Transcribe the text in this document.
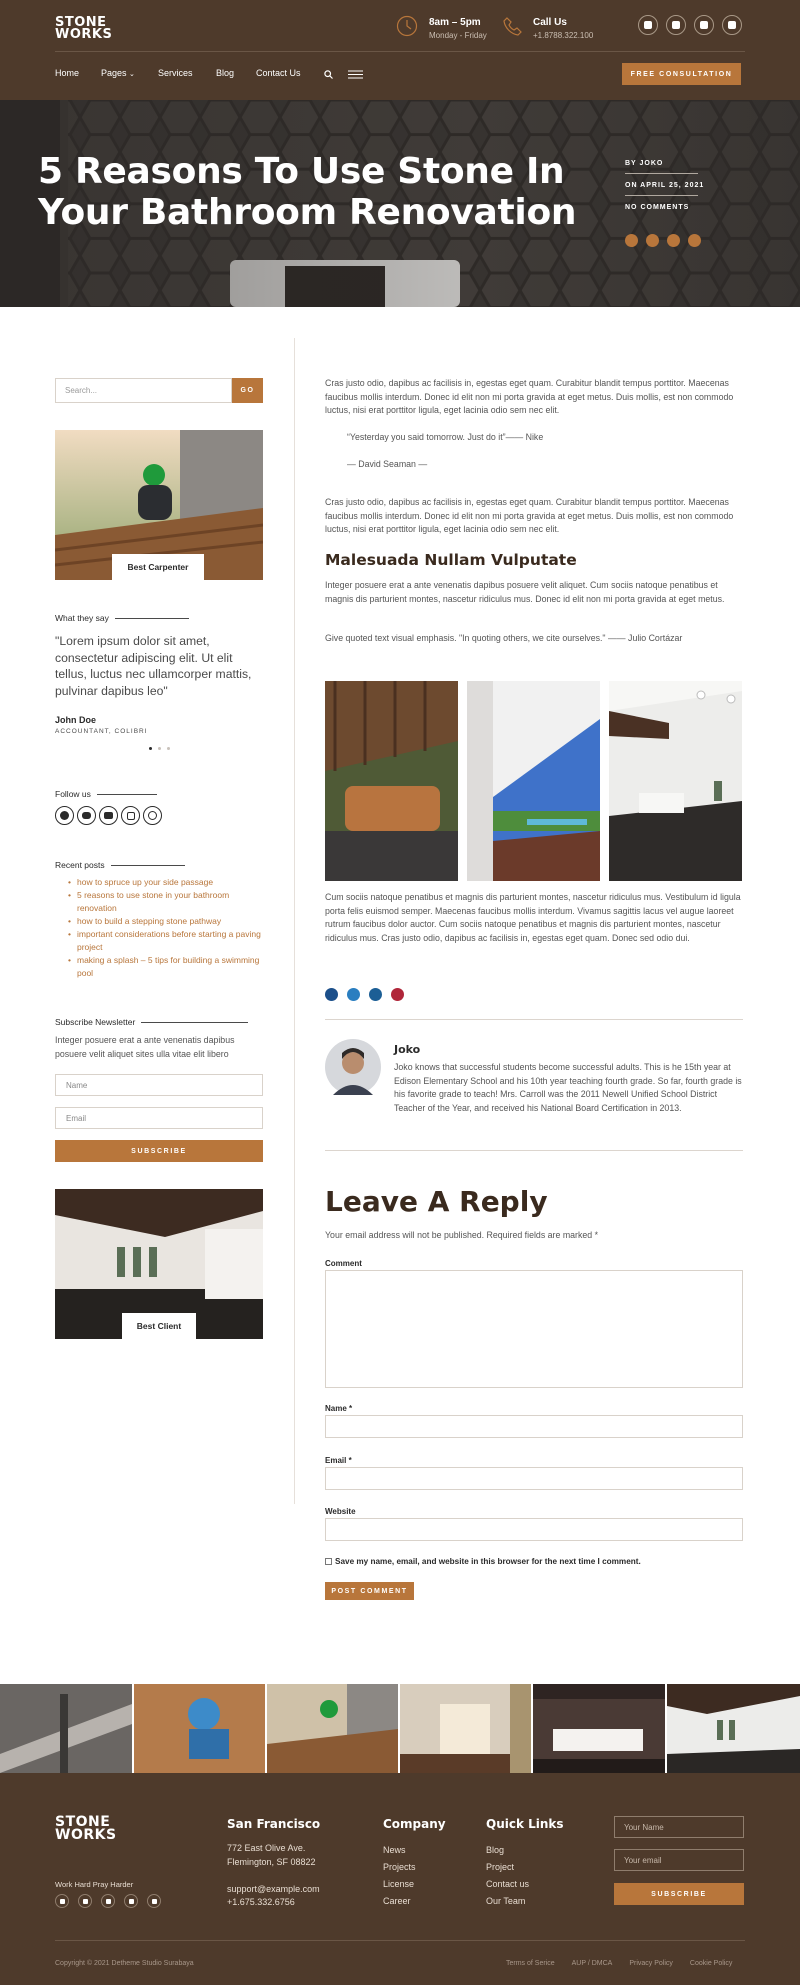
STONE
WORKS
8am – 5pm
Monday - Friday
Call Us
+1.8788.322.100
Home Pages ⌄	Services	Blog Contact Us	FREE CONSULTATION
5 Reasons To Use Stone In Your Bathroom Renovation
BY JOKO
ON APRIL 25, 2021
NO COMMENTS
Search...	GO
Best Carpenter
What they say
"Lorem ipsum dolor sit amet, consectetur adipiscing elit. Ut elit tellus, luctus nec ullamcorper mattis, pulvinar dapibus leo"
John Doe
ACCOUNTANT, COLIBRI
Follow us
Recent posts
• how to spruce up your side passage
• 5 reasons to use stone in your bathroom renovation
• how to build a stepping stone pathway
• important considerations before starting a paving project
• making a splash – 5 tips for building a swimming pool
Subscribe Newsletter
Integer posuere erat a ante venenatis dapibus posuere velit aliquet sites ulla vitae elit libero
Name
Email
SUBSCRIBE
Best Client
Cras justo odio, dapibus ac facilisis in, egestas eget quam. Curabitur blandit tempus porttitor. Maecenas faucibus mollis interdum. Donec id elit non mi porta gravida at eget metus. Duis mollis, est non commodo luctus, nisi erat porttitor ligula, eget lacinia odio sem nec elit.
“Yesterday you said tomorrow. Just do it”—— Nike
— David Seaman —
Cras justo odio, dapibus ac facilisis in, egestas eget quam. Curabitur blandit tempus porttitor. Maecenas faucibus mollis interdum. Donec id elit non mi porta gravida at eget metus. Duis mollis, est non commodo luctus, nisi erat porttitor ligula, eget lacinia odio sem nec elit.
Malesuada Nullam Vulputate
Integer posuere erat a ante venenatis dapibus posuere velit aliquet. Cum sociis natoque penatibus et magnis dis parturient montes, nascetur ridiculus mus. Donec id elit non mi porta gravida at eget metus.
Give quoted text visual emphasis. "In quoting others, we cite ourselves." —— Julio Cortázar
Cum sociis natoque penatibus et magnis dis parturient montes, nascetur ridiculus mus. Vestibulum id ligula porta felis euismod semper. Maecenas faucibus mollis interdum. Vivamus sagittis lacus vel augue laoreet rutrum faucibus dolor auctor. Cum sociis natoque penatibus et magnis dis parturient montes, nascetur ridiculus mus. Cras justo odio, dapibus ac facilisis in, egestas eget quam. Donec sed odio dui.
Joko
Joko knows that successful students become successful adults. This is he 15th year at Edison Elementary School and his 10th year teaching fourth grade. So far, fourth grade is his favorite grade to teach! Mrs. Carroll was the 2011 Newell Unified School District Teacher of the Year, and received his National Board Certification in 2013.
Leave A Reply
Your email address will not be published. Required fields are marked *
Comment
Name *
Email *
Website
Save my name, email, and website in this browser for the next time I comment.
POST COMMENT
STONE
WORKS
Work Hard Pray Harder
San Francisco
772 East Olive Ave.
Flemington, SF 08822
support@example.com
+1.675.332.6756
Company
News
Projects
License
Career
Quick Links
Blog
Project
Contact us
Our Team
Your Name
Your email
SUBSCRIBE
Copyright © 2021 Detheme Studio Surabaya	Terms of Serice AUP / DMCA Privacy Policy Cookie Policy
